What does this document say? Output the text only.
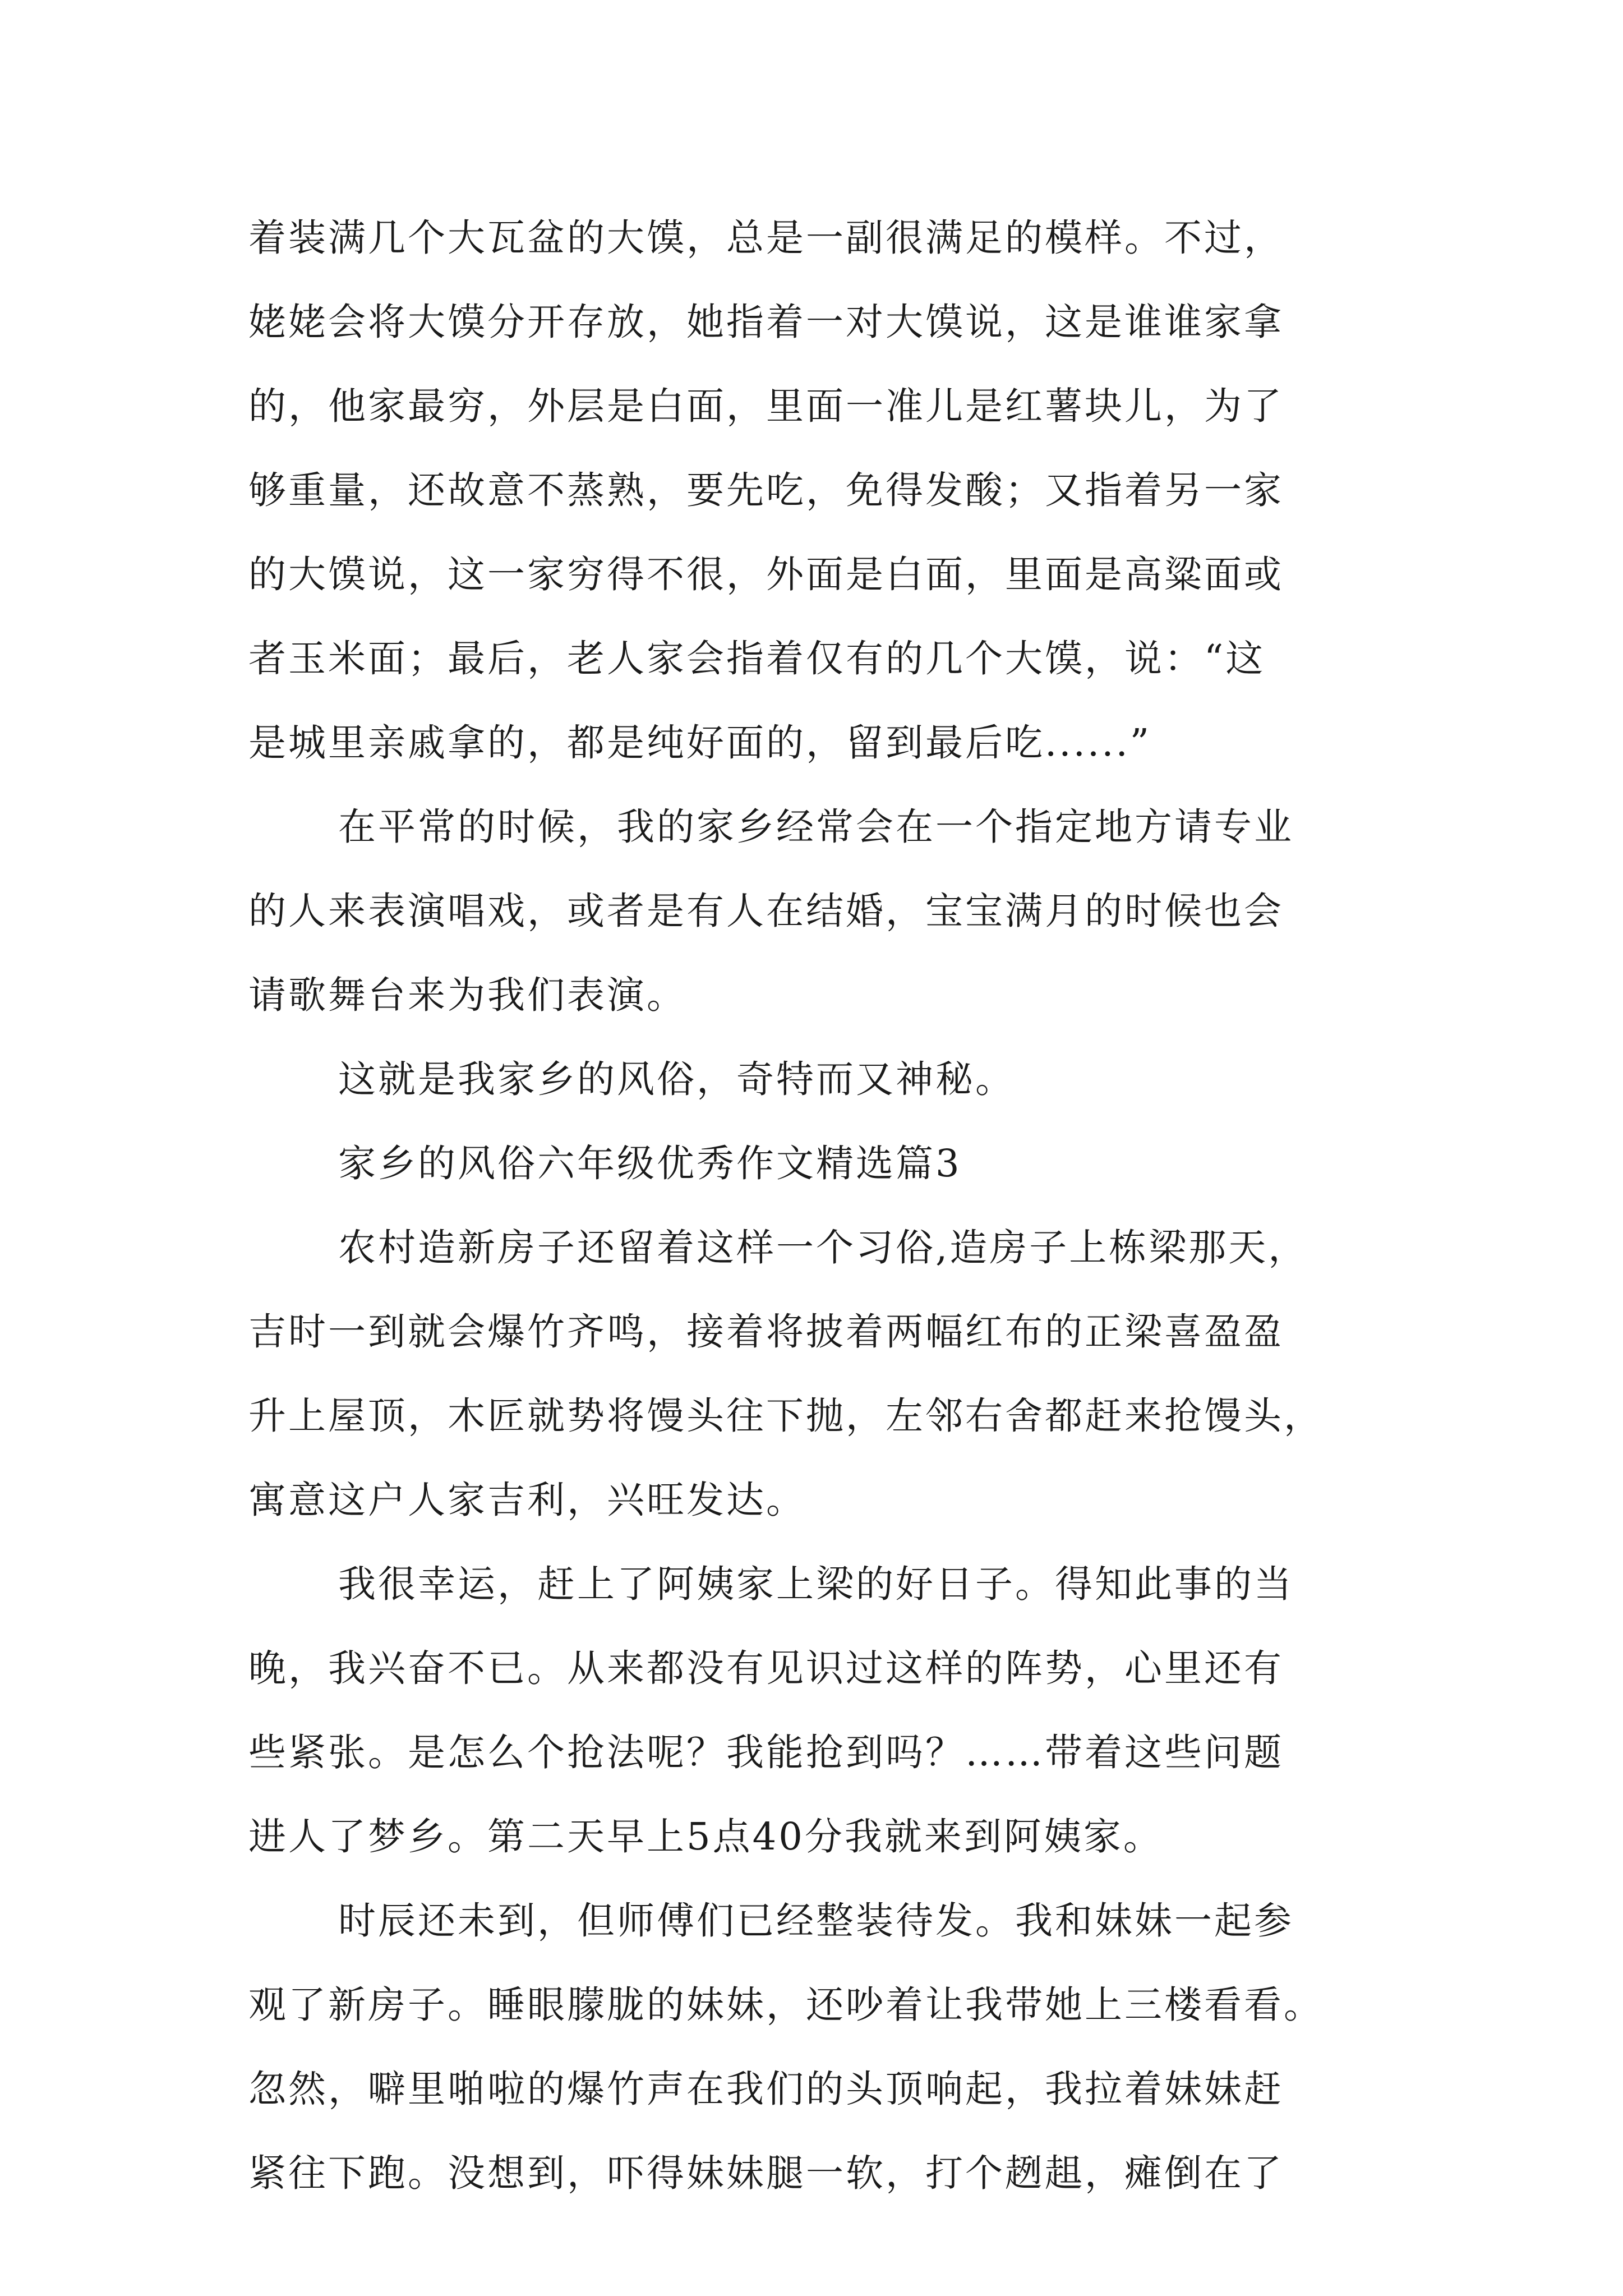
着装满几个大瓦盆的大馍，总是一副很满足的模样。不过，
姥姥会将大馍分开存放，她指着一对大馍说，这是谁谁家拿
的，他家最穷，外层是白面，里面一准儿是红薯块儿，为了
够重量，还故意不蒸熟，要先吃，免得发酸；又指着另一家
的大馍说，这一家穷得不很，外面是白面，里面是高粱面或
者玉米面；最后，老人家会指着仅有的几个大馍，说：“这
是城里亲戚拿的，都是纯好面的，留到最后吃......”
在平常的时候，我的家乡经常会在一个指定地方请专业
的人来表演唱戏，或者是有人在结婚，宝宝满月的时候也会
请歌舞台来为我们表演。
这就是我家乡的风俗，奇特而又神秘。
家乡的风俗六年级优秀作文精选篇3
农村造新房子还留着这样一个习俗,造房子上栋梁那天，
吉时一到就会爆竹齐鸣，接着将披着两幅红布的正梁喜盈盈
升上屋顶，木匠就势将馒头往下抛，左邻右舍都赶来抢馒头，
寓意这户人家吉利，兴旺发达。
我很幸运，赶上了阿姨家上梁的好日子。得知此事的当
晚，我兴奋不已。从来都没有见识过这样的阵势，心里还有
些紧张。是怎么个抢法呢？我能抢到吗？……带着这些问题
进人了梦乡。第二天早上5点40分我就来到阿姨家。
时辰还未到，但师傅们已经整装待发。我和妹妹一起参
观了新房子。睡眼朦胧的妹妹，还吵着让我带她上三楼看看。
忽然，噼里啪啦的爆竹声在我们的头顶响起，我拉着妹妹赶
紧往下跑。没想到，吓得妹妹腿一软，打个趔趄，瘫倒在了
